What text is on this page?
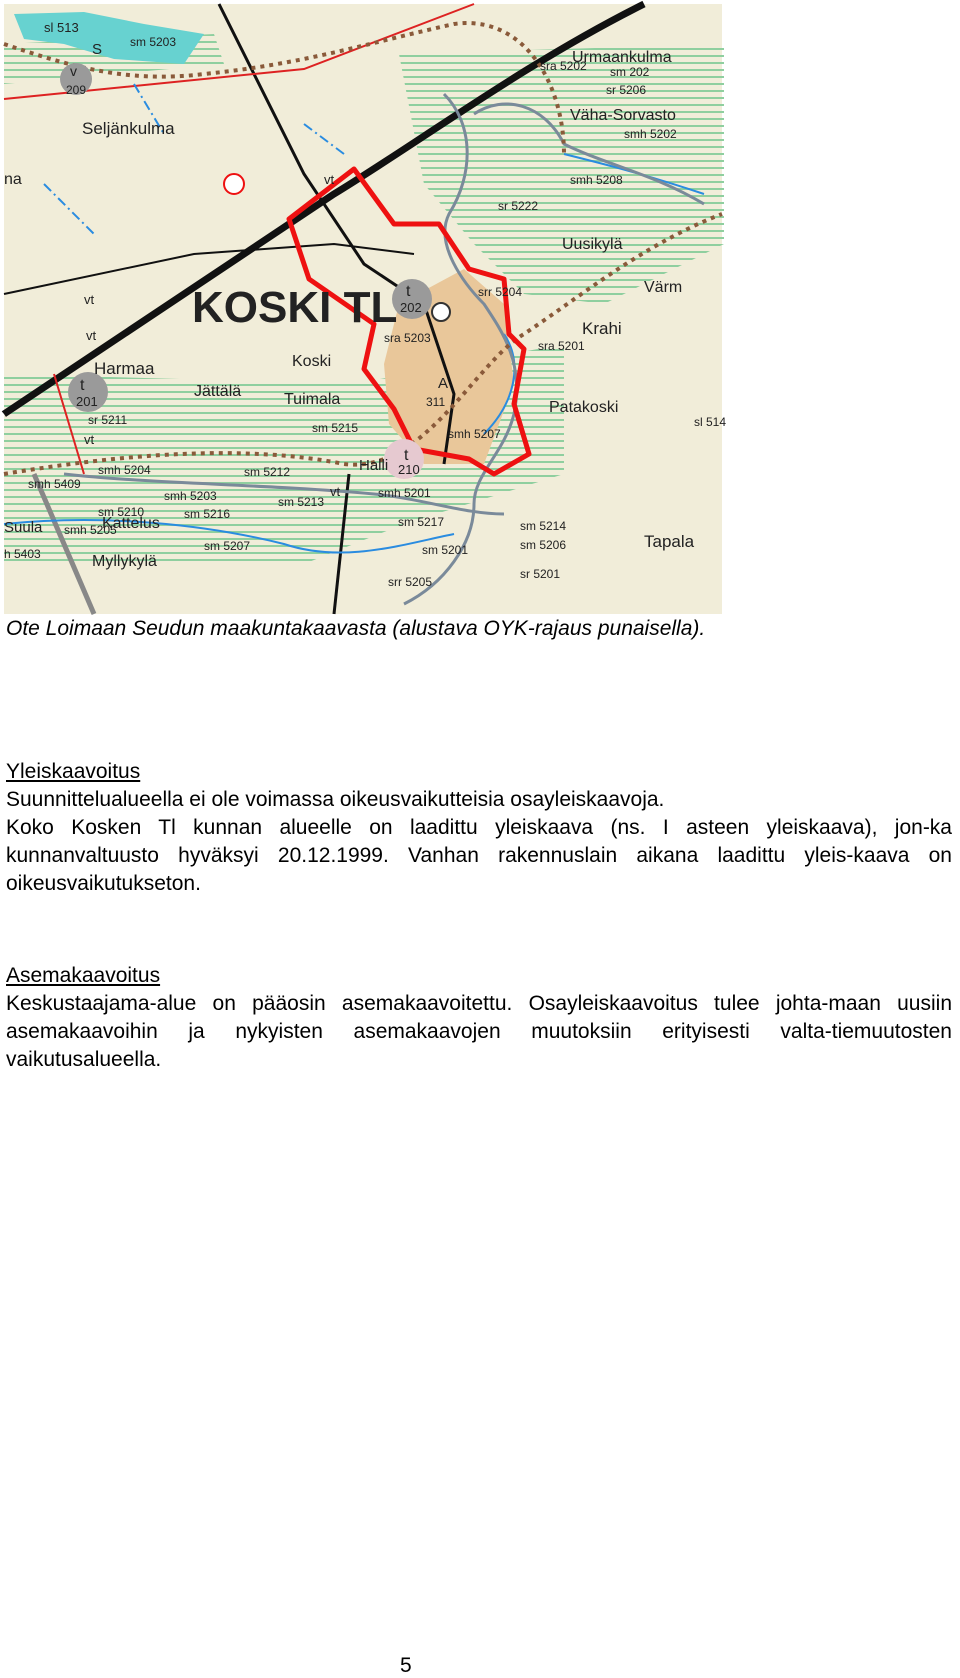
KOSKI TL
Urmaankulma
Väha-Sorvasto
Seljänkulma
Uusikylä
Värm
Krahi
Harmaa
Jättälä
Koski
Tuimala	Patakoski
Kattelus
Myllykylä
Tapala
Suula
Halli
na
sl 513
S sm 5203
v
209
sra 5202 sm 202
sr 5206
smh 5202
smh 5208
sr 5222
t
202
srr 5204
sra 5203
sra 5201
A
311
smh 5207
t
210
t
201
sr 5211
sm 5215
smh 5204	sm 5212
smh 5409
smh 5203	sm 5213
smh 5201
sm 5210	sm 5216
smh 5205
sm 5217	sm 5214
h 5403
sm 5207	sm 5201	sm 5206
srr 5205
sr 5201
sl 514
vt
vt
vt
vt
vt
Ote Loimaan Seudun maakuntakaavasta (alustava OYK-rajaus punaisella).
Yleiskaavoitus

Suunnittelualueella ei ole voimassa oikeusvaikutteisia osayleiskaavoja.

Koko Kosken Tl kunnan alueelle on laadittu yleiskaava (ns. I asteen yleiskaava), jon-ka kunnanvaltuusto hyväksyi 20.12.1999. Vanhan rakennuslain aikana laadittu yleis-kaava on oikeusvaikutukseton.

Asemakaavoitus

Keskustaajama-alue on pääosin asemakaavoitettu. Osayleiskaavoitus tulee johta-maan uusiin asemakaavoihin ja nykyisten asemakaavojen muutoksiin erityisesti valta-tiemuutosten vaikutusalueella.

5
